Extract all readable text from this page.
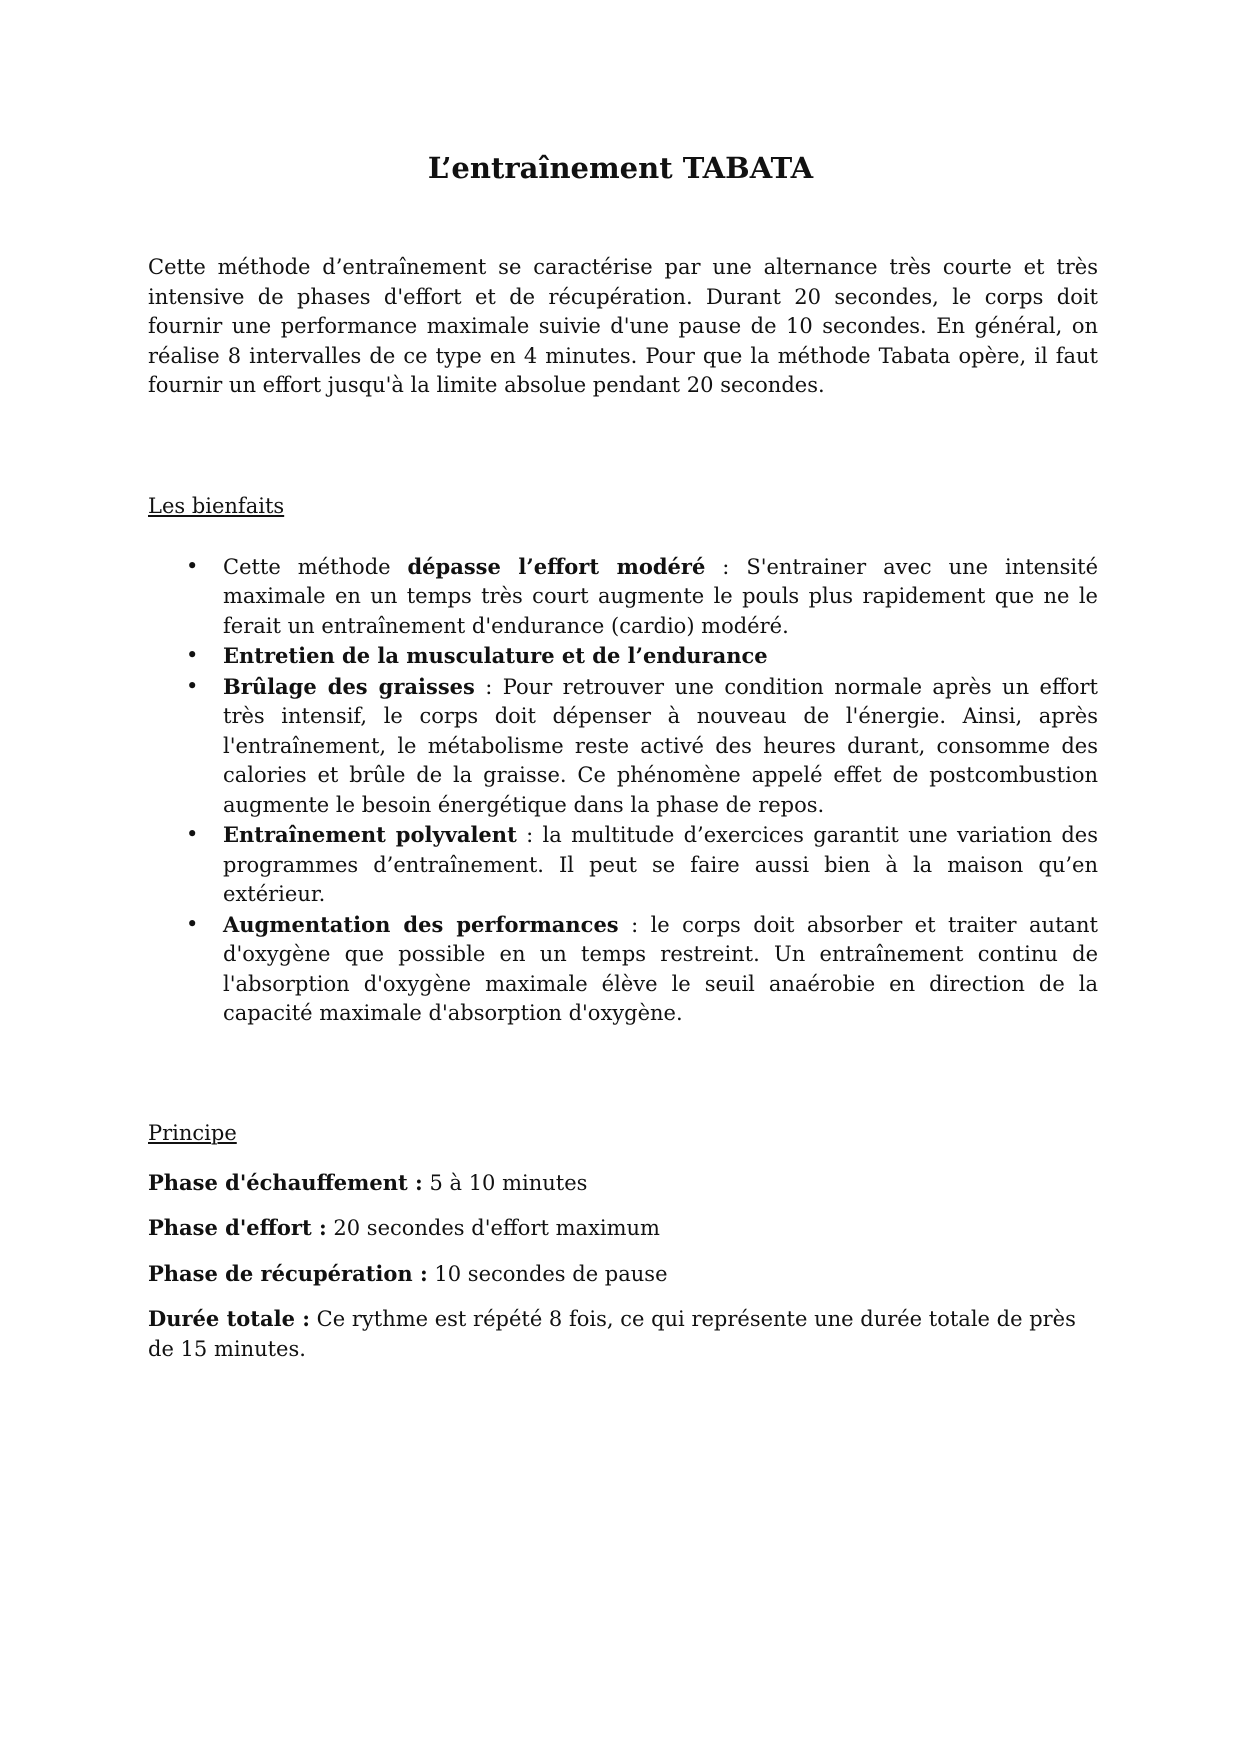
L’entraînement TABATA

Cette méthode d’entraînement se caractérise par une alternance très courte et très intensive de phases d'effort et de récupération. Durant 20 secondes, le corps doit fournir une performance maximale suivie d'une pause de 10 secondes. En général, on réalise 8 intervalles de ce type en 4 minutes. Pour que la méthode Tabata opère, il faut fournir un effort jusqu'à la limite absolue pendant 20 secondes.

Les bienfaits

• Cette méthode dépasse l’effort modéré : S'entrainer avec une intensité maximale en un temps très court augmente le pouls plus rapidement que ne le ferait un entraînement d'endurance (cardio) modéré.
• Entretien de la musculature et de l’endurance
• Brûlage des graisses : Pour retrouver une condition normale après un effort très intensif, le corps doit dépenser à nouveau de l'énergie. Ainsi, après l'entraînement, le métabolisme reste activé des heures durant, consomme des calories et brûle de la graisse. Ce phénomène appelé effet de postcombustion augmente le besoin énergétique dans la phase de repos.
• Entraînement polyvalent : la multitude d’exercices garantit une variation des programmes d’entraînement. Il peut se faire aussi bien à la maison qu’en extérieur.
• Augmentation des performances : le corps doit absorber et traiter autant d'oxygène que possible en un temps restreint. Un entraînement continu de l'absorption d'oxygène maximale élève le seuil anaérobie en direction de la capacité maximale d'absorption d'oxygène.

Principe

Phase d'échauffement : 5 à 10 minutes

Phase d'effort : 20 secondes d'effort maximum

Phase de récupération : 10 secondes de pause

Durée totale : Ce rythme est répété 8 fois, ce qui représente une durée totale de près de 15 minutes.
